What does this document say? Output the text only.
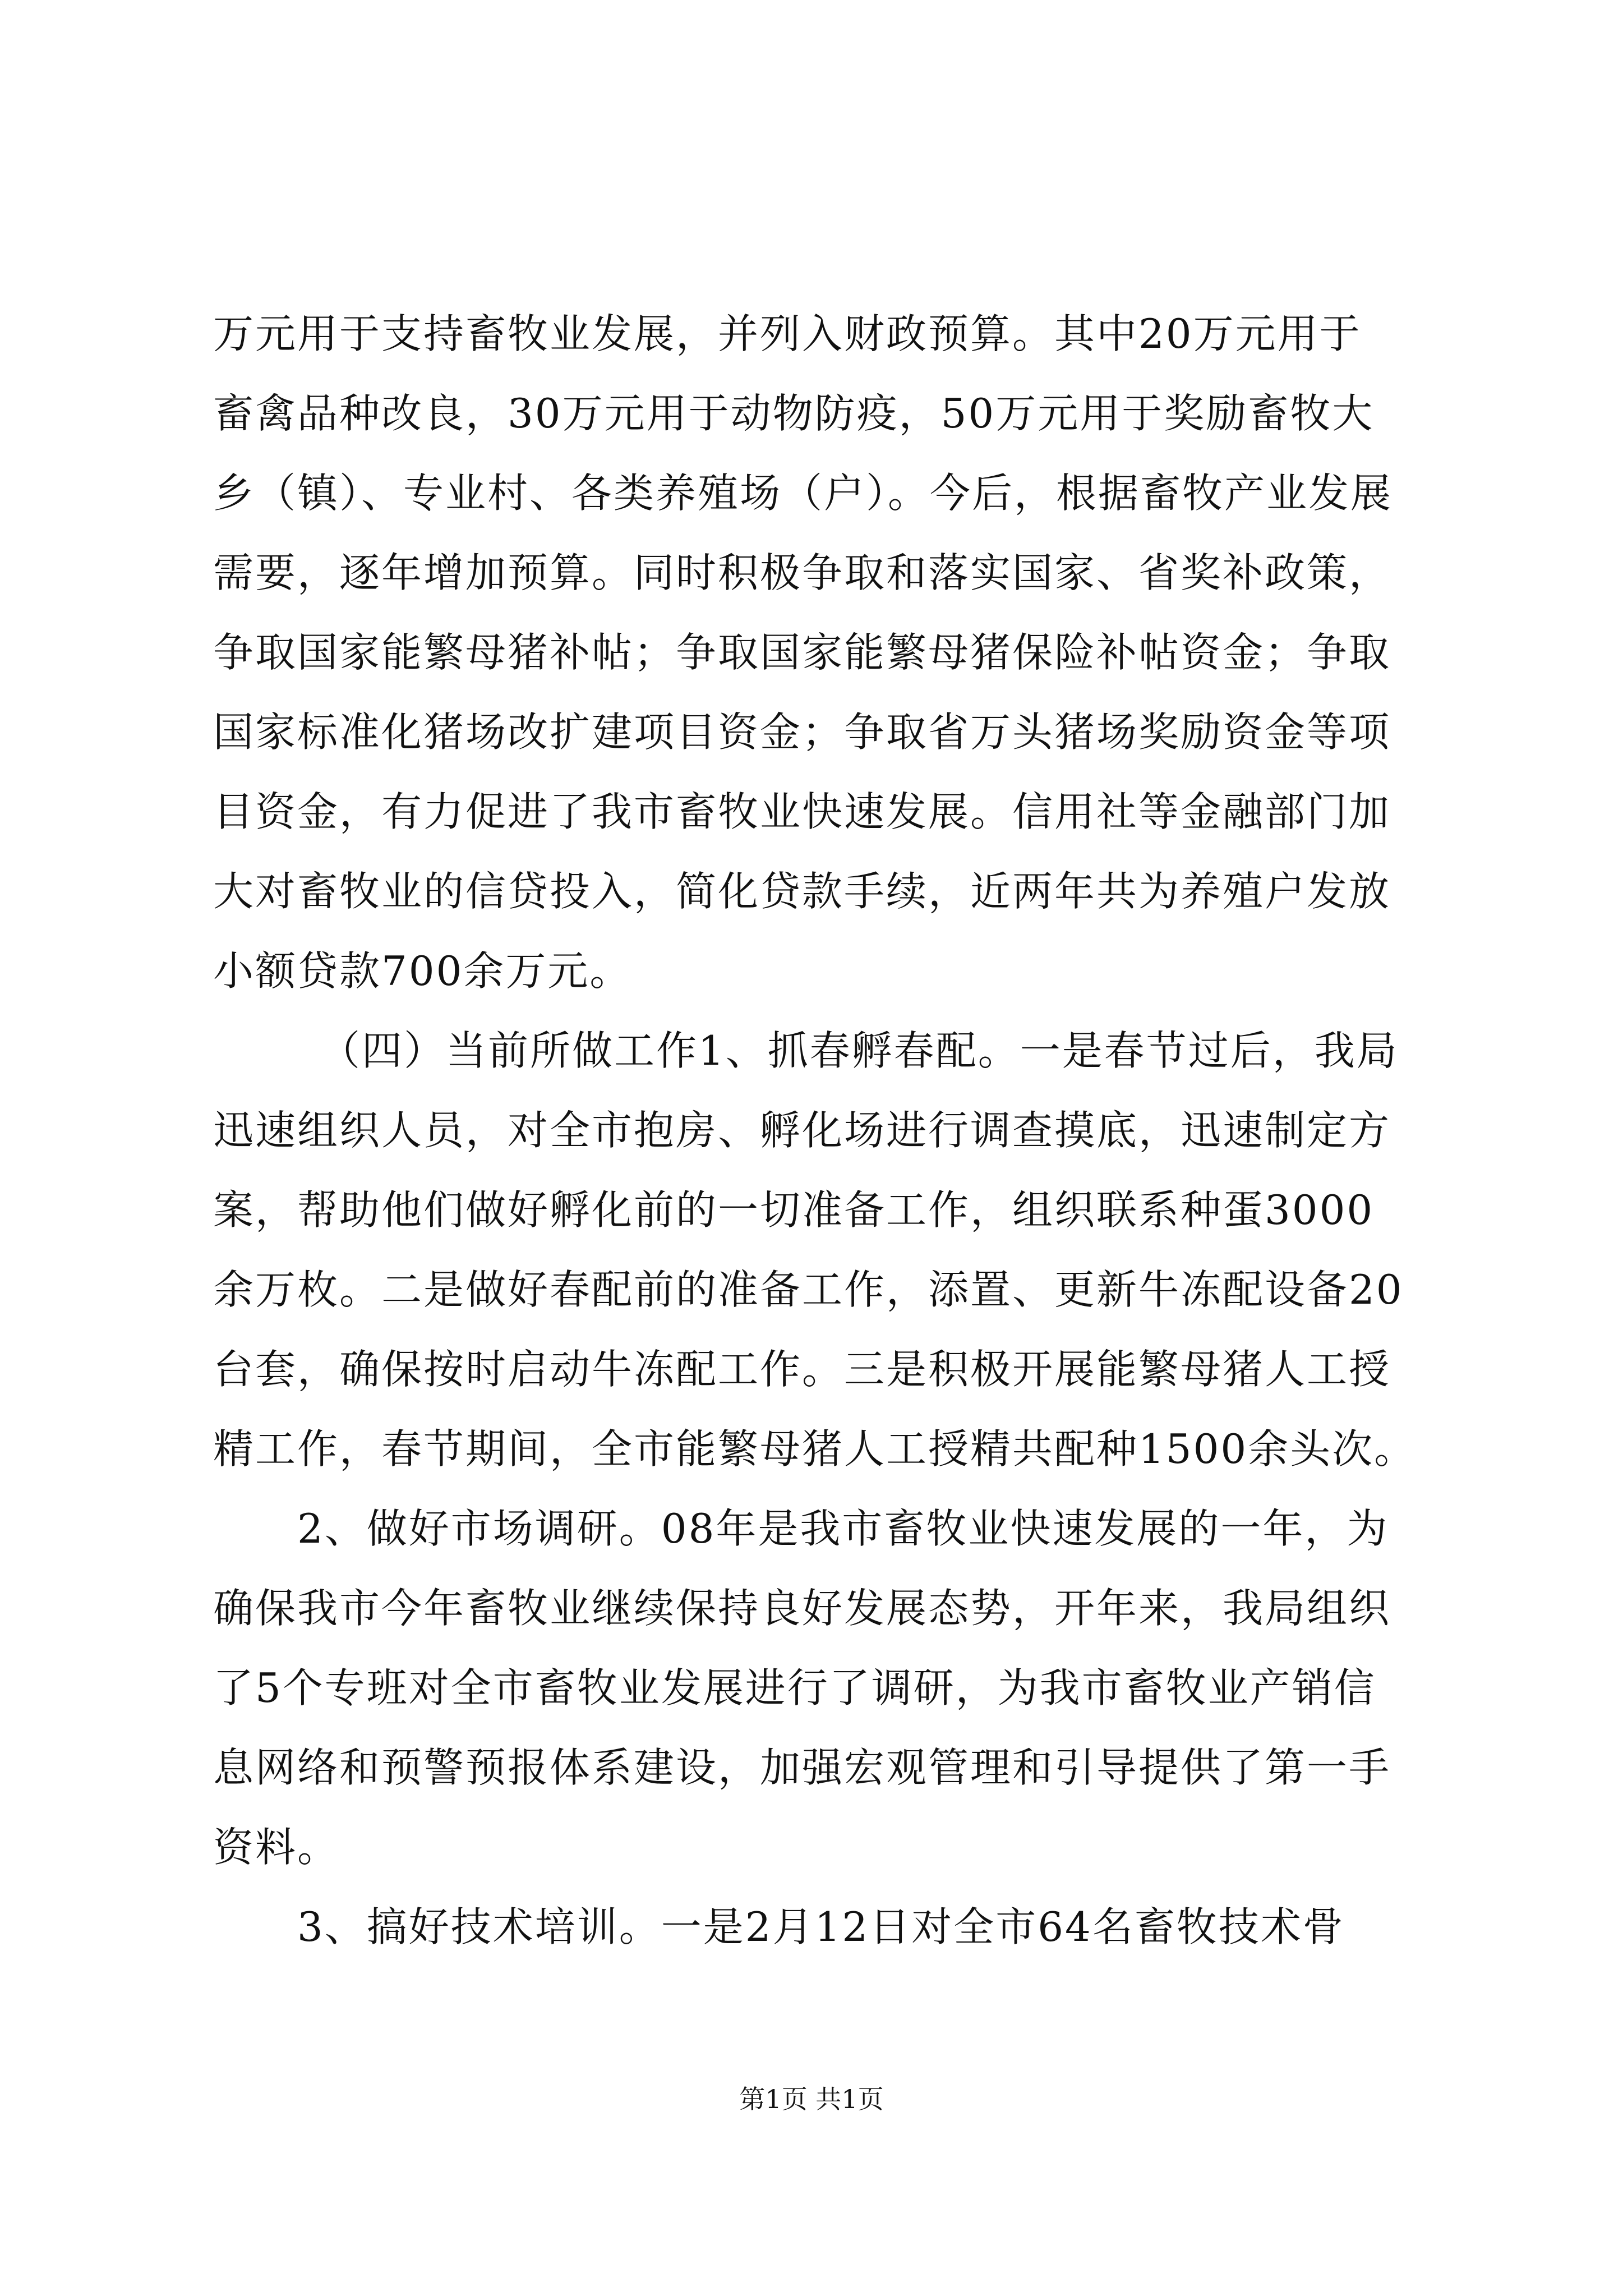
万元用于支持畜牧业发展，并列入财政预算。其中20万元用于
畜禽品种改良，30万元用于动物防疫，50万元用于奖励畜牧大
乡（镇）、专业村、各类养殖场（户）。今后，根据畜牧产业发展
需要，逐年增加预算。同时积极争取和落实国家、省奖补政策，
争取国家能繁母猪补帖；争取国家能繁母猪保险补帖资金；争取
国家标准化猪场改扩建项目资金；争取省万头猪场奖励资金等项
目资金，有力促进了我市畜牧业快速发展。信用社等金融部门加
大对畜牧业的信贷投入，简化贷款手续，近两年共为养殖户发放
小额贷款700余万元。
（四）当前所做工作1、抓春孵春配。一是春节过后，我局
迅速组织人员，对全市抱房、孵化场进行调查摸底，迅速制定方
案，帮助他们做好孵化前的一切准备工作，组织联系种蛋3000
余万枚。二是做好春配前的准备工作，添置、更新牛冻配设备20
台套，确保按时启动牛冻配工作。三是积极开展能繁母猪人工授
精工作，春节期间，全市能繁母猪人工授精共配种1500余头次。
2、做好市场调研。08年是我市畜牧业快速发展的一年，为
确保我市今年畜牧业继续保持良好发展态势，开年来，我局组织
了5个专班对全市畜牧业发展进行了调研，为我市畜牧业产销信
息网络和预警预报体系建设，加强宏观管理和引导提供了第一手
资料。
3、搞好技术培训。一是2月12日对全市64名畜牧技术骨
第1页 共1页
